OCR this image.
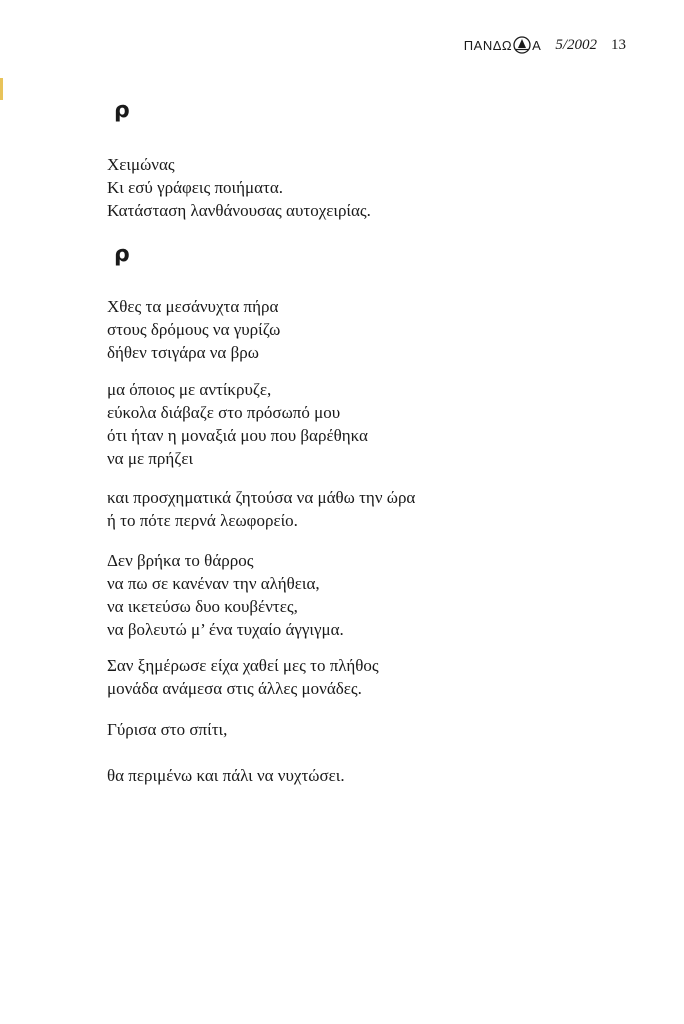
ΠΑΝΔΩ Α 5/2002 13
ρ
Χειμώνας
Κι εσύ γράφεις ποιήματα.
Κατάσταση λανθάνουσας αυτοχειρίας.
ρ
Χθες τα μεσάνυχτα πήρα
στους δρόμους να γυρίζω
δήθεν τσιγάρα να βρω
μα όποιος με αντίκρυζε,
εύκολα διάβαζε στο πρόσωπό μου
ότι ήταν η μοναξιά μου που βαρέθηκα
να με πρήζει
και προσχηματικά ζητούσα να μάθω την ώρα
ή το πότε περνά λεωφορείο.
Δεν βρήκα το θάρρος
να πω σε κανέναν την αλήθεια,
να ικετεύσω δυο κουβέντες,
να βολευτώ μ’ ένα τυχαίο άγγιγμα.
Σαν ξημέρωσε είχα χαθεί μες το πλήθος
μονάδα ανάμεσα στις άλλες μονάδες.
Γύρισα στο σπίτι,
θα περιμένω και πάλι να νυχτώσει.
